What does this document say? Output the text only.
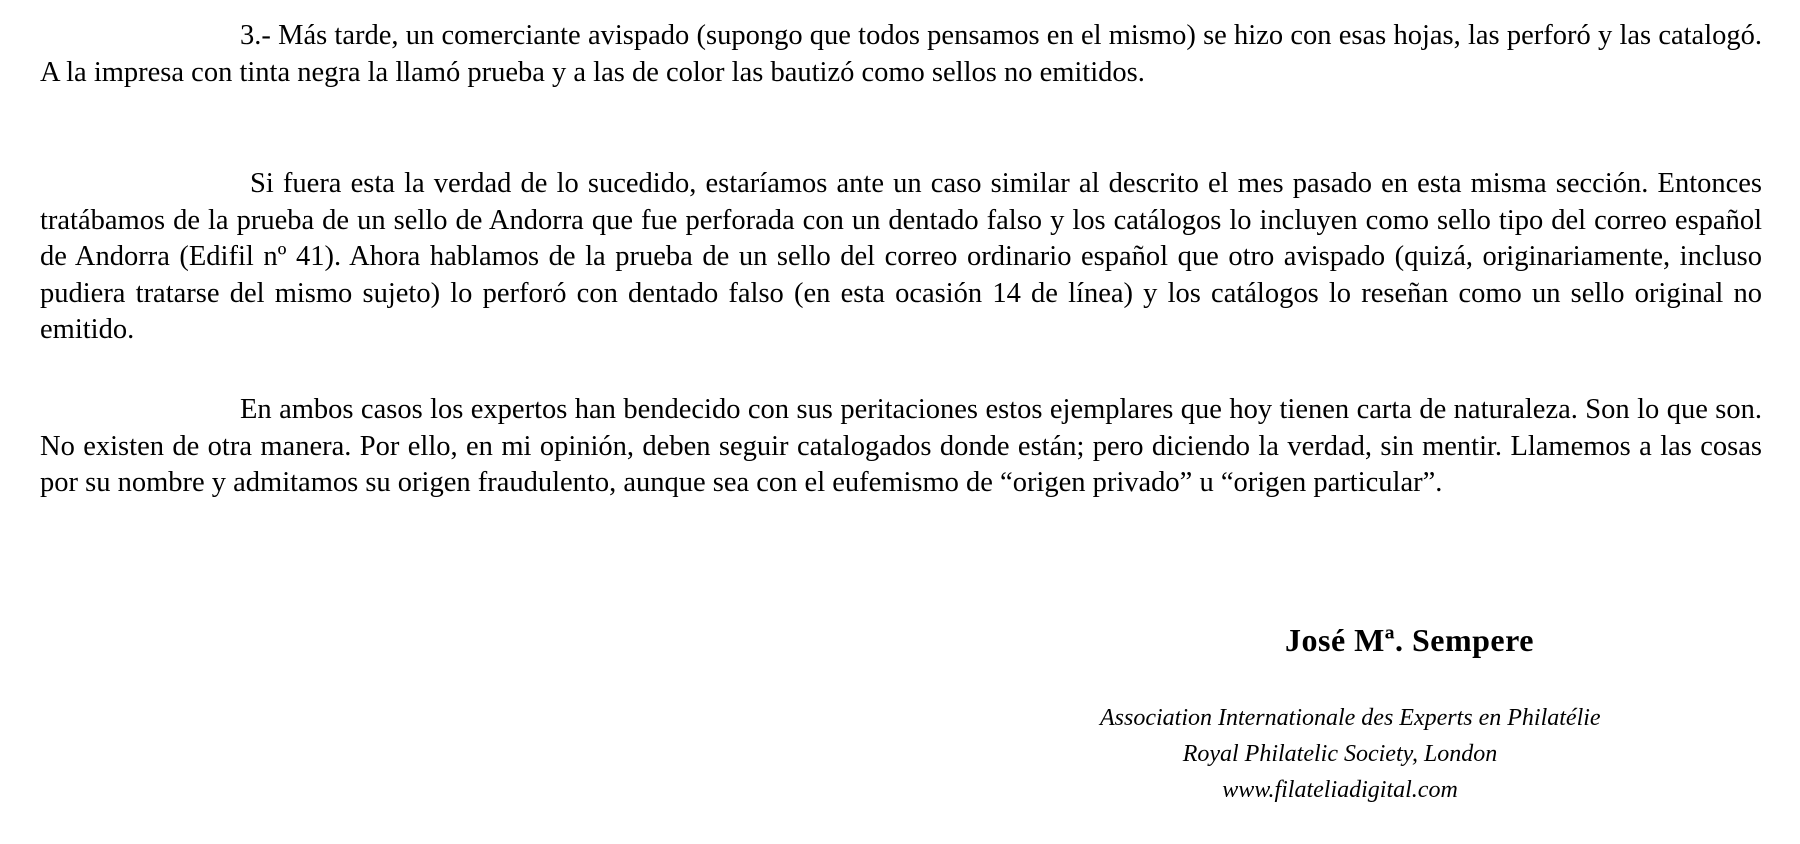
3.- Más tarde, un comerciante avispado (supongo que todos pensamos en el mismo) se hizo con esas hojas, las perforó y las catalogó. A la impresa con tinta negra la llamó prueba y a las de color las bautizó como sellos no emitidos.

Si fuera esta la verdad de lo sucedido, estaríamos ante un caso similar al descrito el mes pasado en esta misma sección. Entonces tratábamos de la prueba de un sello de Andorra que fue perforada con un dentado falso y los catálogos lo incluyen como sello tipo del correo español de Andorra (Edifil nº 41). Ahora hablamos de la prueba de un sello del correo ordinario español que otro avispado (quizá, originariamente, incluso pudiera tratarse del mismo sujeto) lo perforó con dentado falso (en esta ocasión 14 de línea) y los catálogos lo reseñan como un sello original no emitido.

En ambos casos los expertos han bendecido con sus peritaciones estos ejemplares que hoy tienen carta de naturaleza. Son lo que son. No existen de otra manera. Por ello, en mi opinión, deben seguir catalogados donde están; pero diciendo la verdad, sin mentir. Llamemos a las cosas por su nombre y admitamos su origen fraudulento, aunque sea con el eufemismo de “origen privado” u “origen particular”.

José Mª. Sempere

Association Internationale des Experts en Philatélie
Royal Philatelic Society, London
www.filateliadigital.com
